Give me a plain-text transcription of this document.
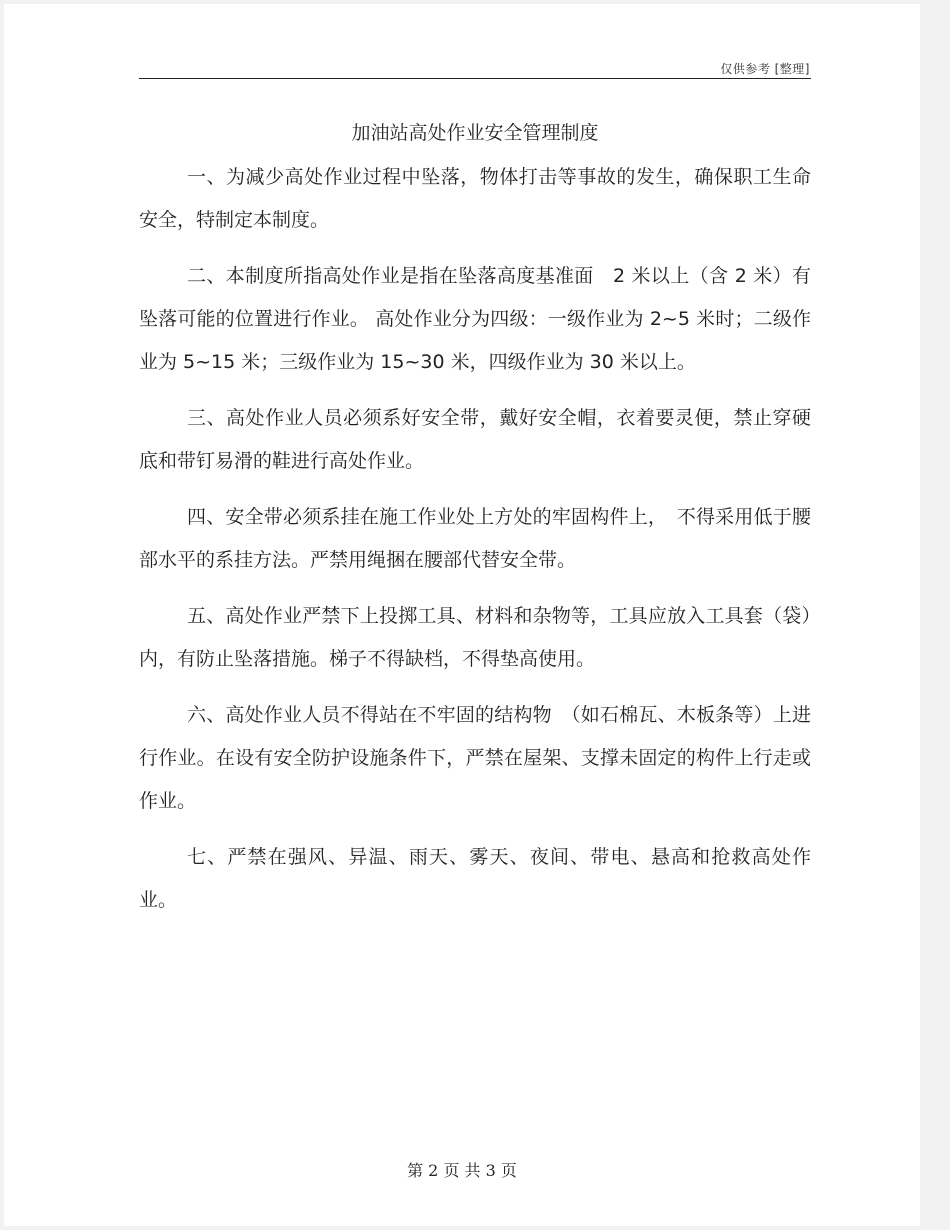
仅供参考 [整理]
加油站高处作业安全管理制度

一、为减少高处作业过程中坠落，物体打击等事故的发生，确保职工生命安全，特制定本制度。

二、本制度所指高处作业是指在坠落高度基准面　2 米以上（含 2 米）有坠落可能的位置进行作业。 高处作业分为四级：一级作业为 2~5 米时；二级作业为 5~15 米；三级作业为 15~30 米，四级作业为 30 米以上。

三、高处作业人员必须系好安全带，戴好安全帽，衣着要灵便，禁止穿硬底和带钉易滑的鞋进行高处作业。

四、安全带必须系挂在施工作业处上方处的牢固构件上，　不得采用低于腰部水平的系挂方法。严禁用绳捆在腰部代替安全带。

五、高处作业严禁下上投掷工具、材料和杂物等，工具应放入工具套（袋）内，有防止坠落措施。梯子不得缺档，不得垫高使用。

六、高处作业人员不得站在不牢固的结构物　（如石棉瓦、木板条等）上进行作业。在设有安全防护设施条件下，严禁在屋架、支撑未固定的构件上行走或作业。

七、严禁在强风、异温、雨天、雾天、夜间、带电、悬高和抢救高处作业。

第 2 页 共 3 页
